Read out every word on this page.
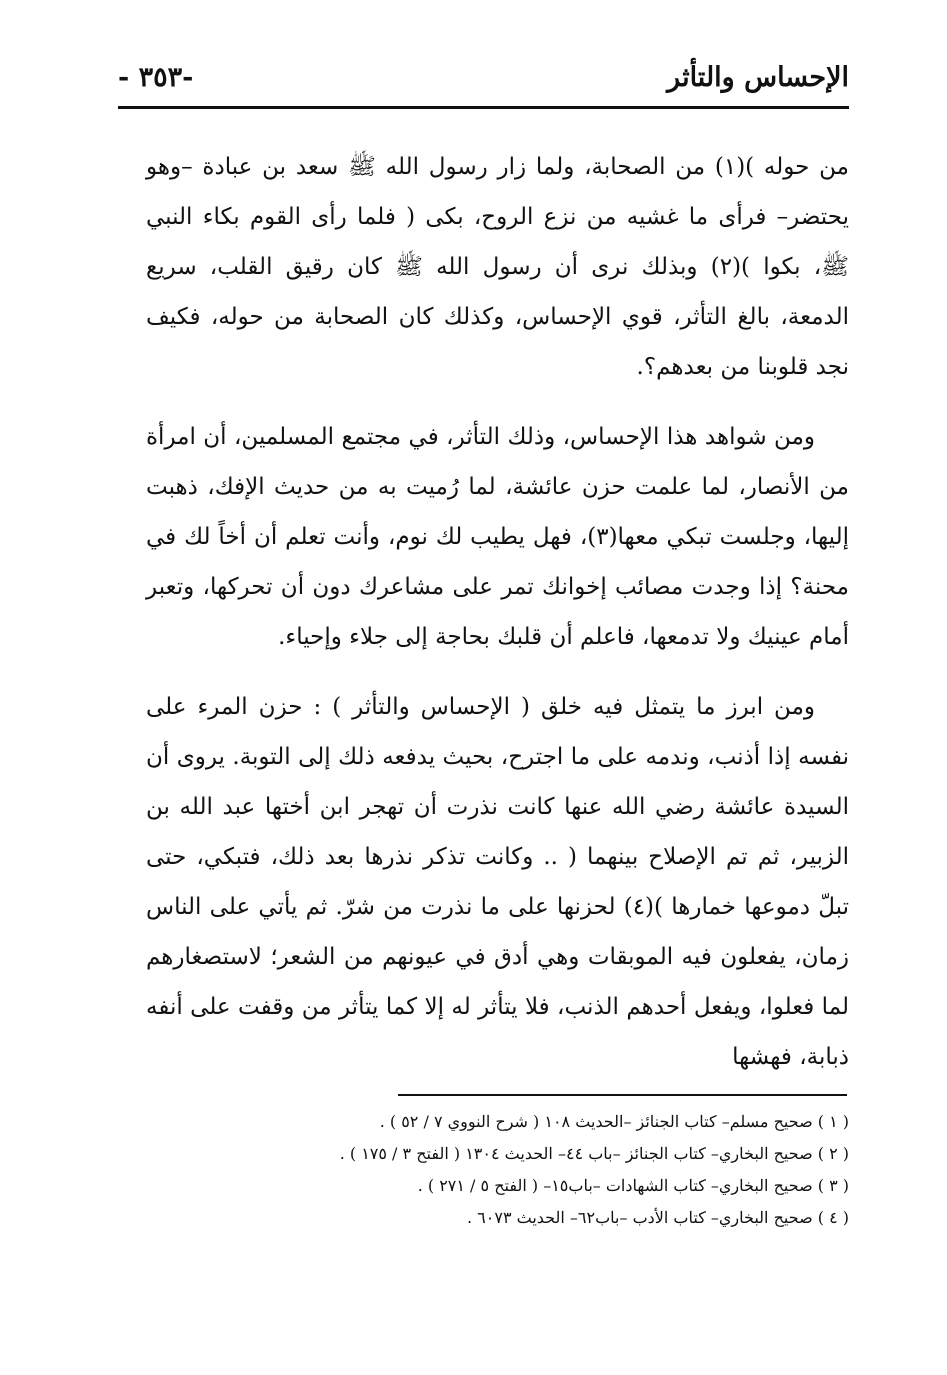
الإحساس والتأثر
-٣٥٣ -

من حوله )(١) من الصحابة، ولما زار رسول الله ﷺ سعد بن عبادة –وهو يحتضر– فرأى ما غشيه من نزع الروح، بكى ( فلما رأى القوم بكاء النبي ﷺ، بكوا )(٢) وبذلك نرى أن رسول الله ﷺ كان رقيق القلب، سريع الدمعة، بالغ التأثر، قوي الإحساس، وكذلك كان الصحابة من حوله، فكيف نجد قلوبنا من بعدهم؟.

ومن شواهد هذا الإحساس، وذلك التأثر، في مجتمع المسلمين، أن امرأة من الأنصار، لما علمت حزن عائشة، لما رُميت به من حديث الإفك، ذهبت إليها، وجلست تبكي معها(٣)، فهل يطيب لك نوم، وأنت تعلم أن أخاً لك في محنة؟ إذا وجدت مصائب إخوانك تمر على مشاعرك دون أن تحركها، وتعبر أمام عينيك ولا تدمعها، فاعلم أن قلبك بحاجة إلى جلاء وإحياء.

ومن ابرز ما يتمثل فيه خلق ( الإحساس والتأثر ) : حزن المرء على نفسه إذا أذنب، وندمه على ما اجترح، بحيث يدفعه ذلك إلى التوبة. يروى أن السيدة عائشة رضي الله عنها كانت نذرت أن تهجر ابن أختها عبد الله بن الزبير، ثم تم الإصلاح بينهما ( .. وكانت تذكر نذرها بعد ذلك، فتبكي، حتى تبلّ دموعها خمارها )(٤) لحزنها على ما نذرت من شرّ. ثم يأتي على الناس زمان، يفعلون فيه الموبقات وهي أدق في عيونهم من الشعر؛ لاستصغارهم لما فعلوا، ويفعل أحدهم الذنب، فلا يتأثر له إلا كما يتأثر من وقفت على أنفه ذبابة، فهشها

( ١ ) صحيح مسلم– كتاب الجنائز –الحديث ١٠٨ ( شرح النووي ٧ / ٥٢ ) .

( ٢ ) صحيح البخاري– كتاب الجنائز –باب ٤٤– الحديث ١٣٠٤ ( الفتح ٣ / ١٧٥ ) .

( ٣ ) صحيح البخاري– كتاب الشهادات –باب١٥– ( الفتح ٥ / ٢٧١ ) .

( ٤ ) صحيح البخاري– كتاب الأدب –باب٦٢– الحديث ٦٠٧٣ .
